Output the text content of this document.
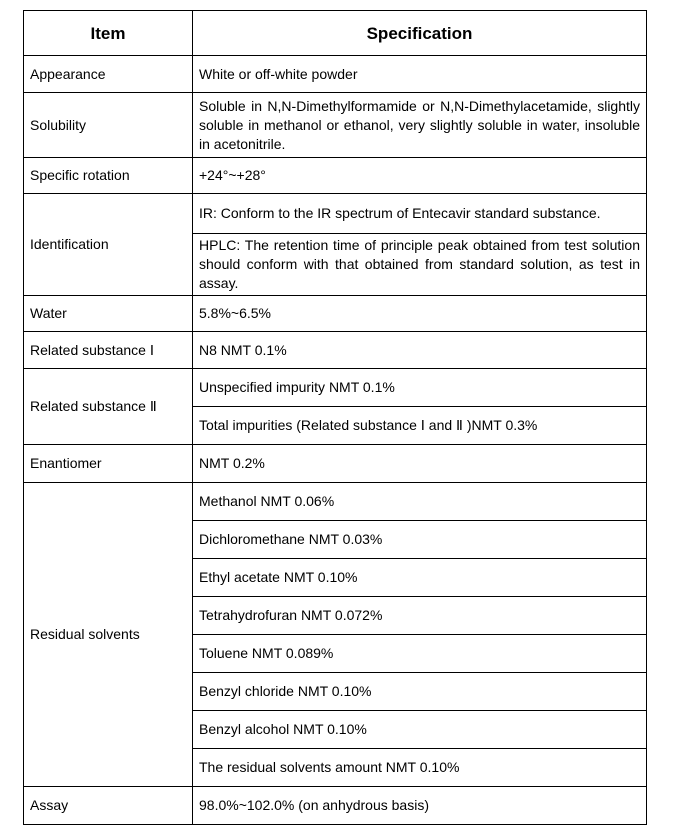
Item	Specification
Appearance	White or off-white powder
Solubility	Soluble in N,N-Dimethylformamide or N,N-Dimethylacetamide, slightly soluble in methanol or ethanol, very slightly soluble in water, insoluble in acetonitrile.
Specific rotation	+24°~+28°
Identification	IR: Conform to the IR spectrum of Entecavir standard substance.
	HPLC: The retention time of principle peak obtained from test solution should conform with that obtained from standard solution, as test in assay.
Water	5.8%~6.5%
Related substance Ⅰ	N8 NMT 0.1%
Related substance Ⅱ	Unspecified impurity NMT 0.1%
	Total impurities (Related substance Ⅰ and Ⅱ )NMT 0.3%
Enantiomer	NMT 0.2%
Residual solvents	Methanol NMT 0.06%
	Dichloromethane NMT 0.03%
	Ethyl acetate NMT 0.10%
	Tetrahydrofuran NMT 0.072%
	Toluene NMT 0.089%
	Benzyl chloride NMT 0.10%
	Benzyl alcohol NMT 0.10%
	The residual solvents amount NMT 0.10%
Assay	98.0%~102.0% (on anhydrous basis)
